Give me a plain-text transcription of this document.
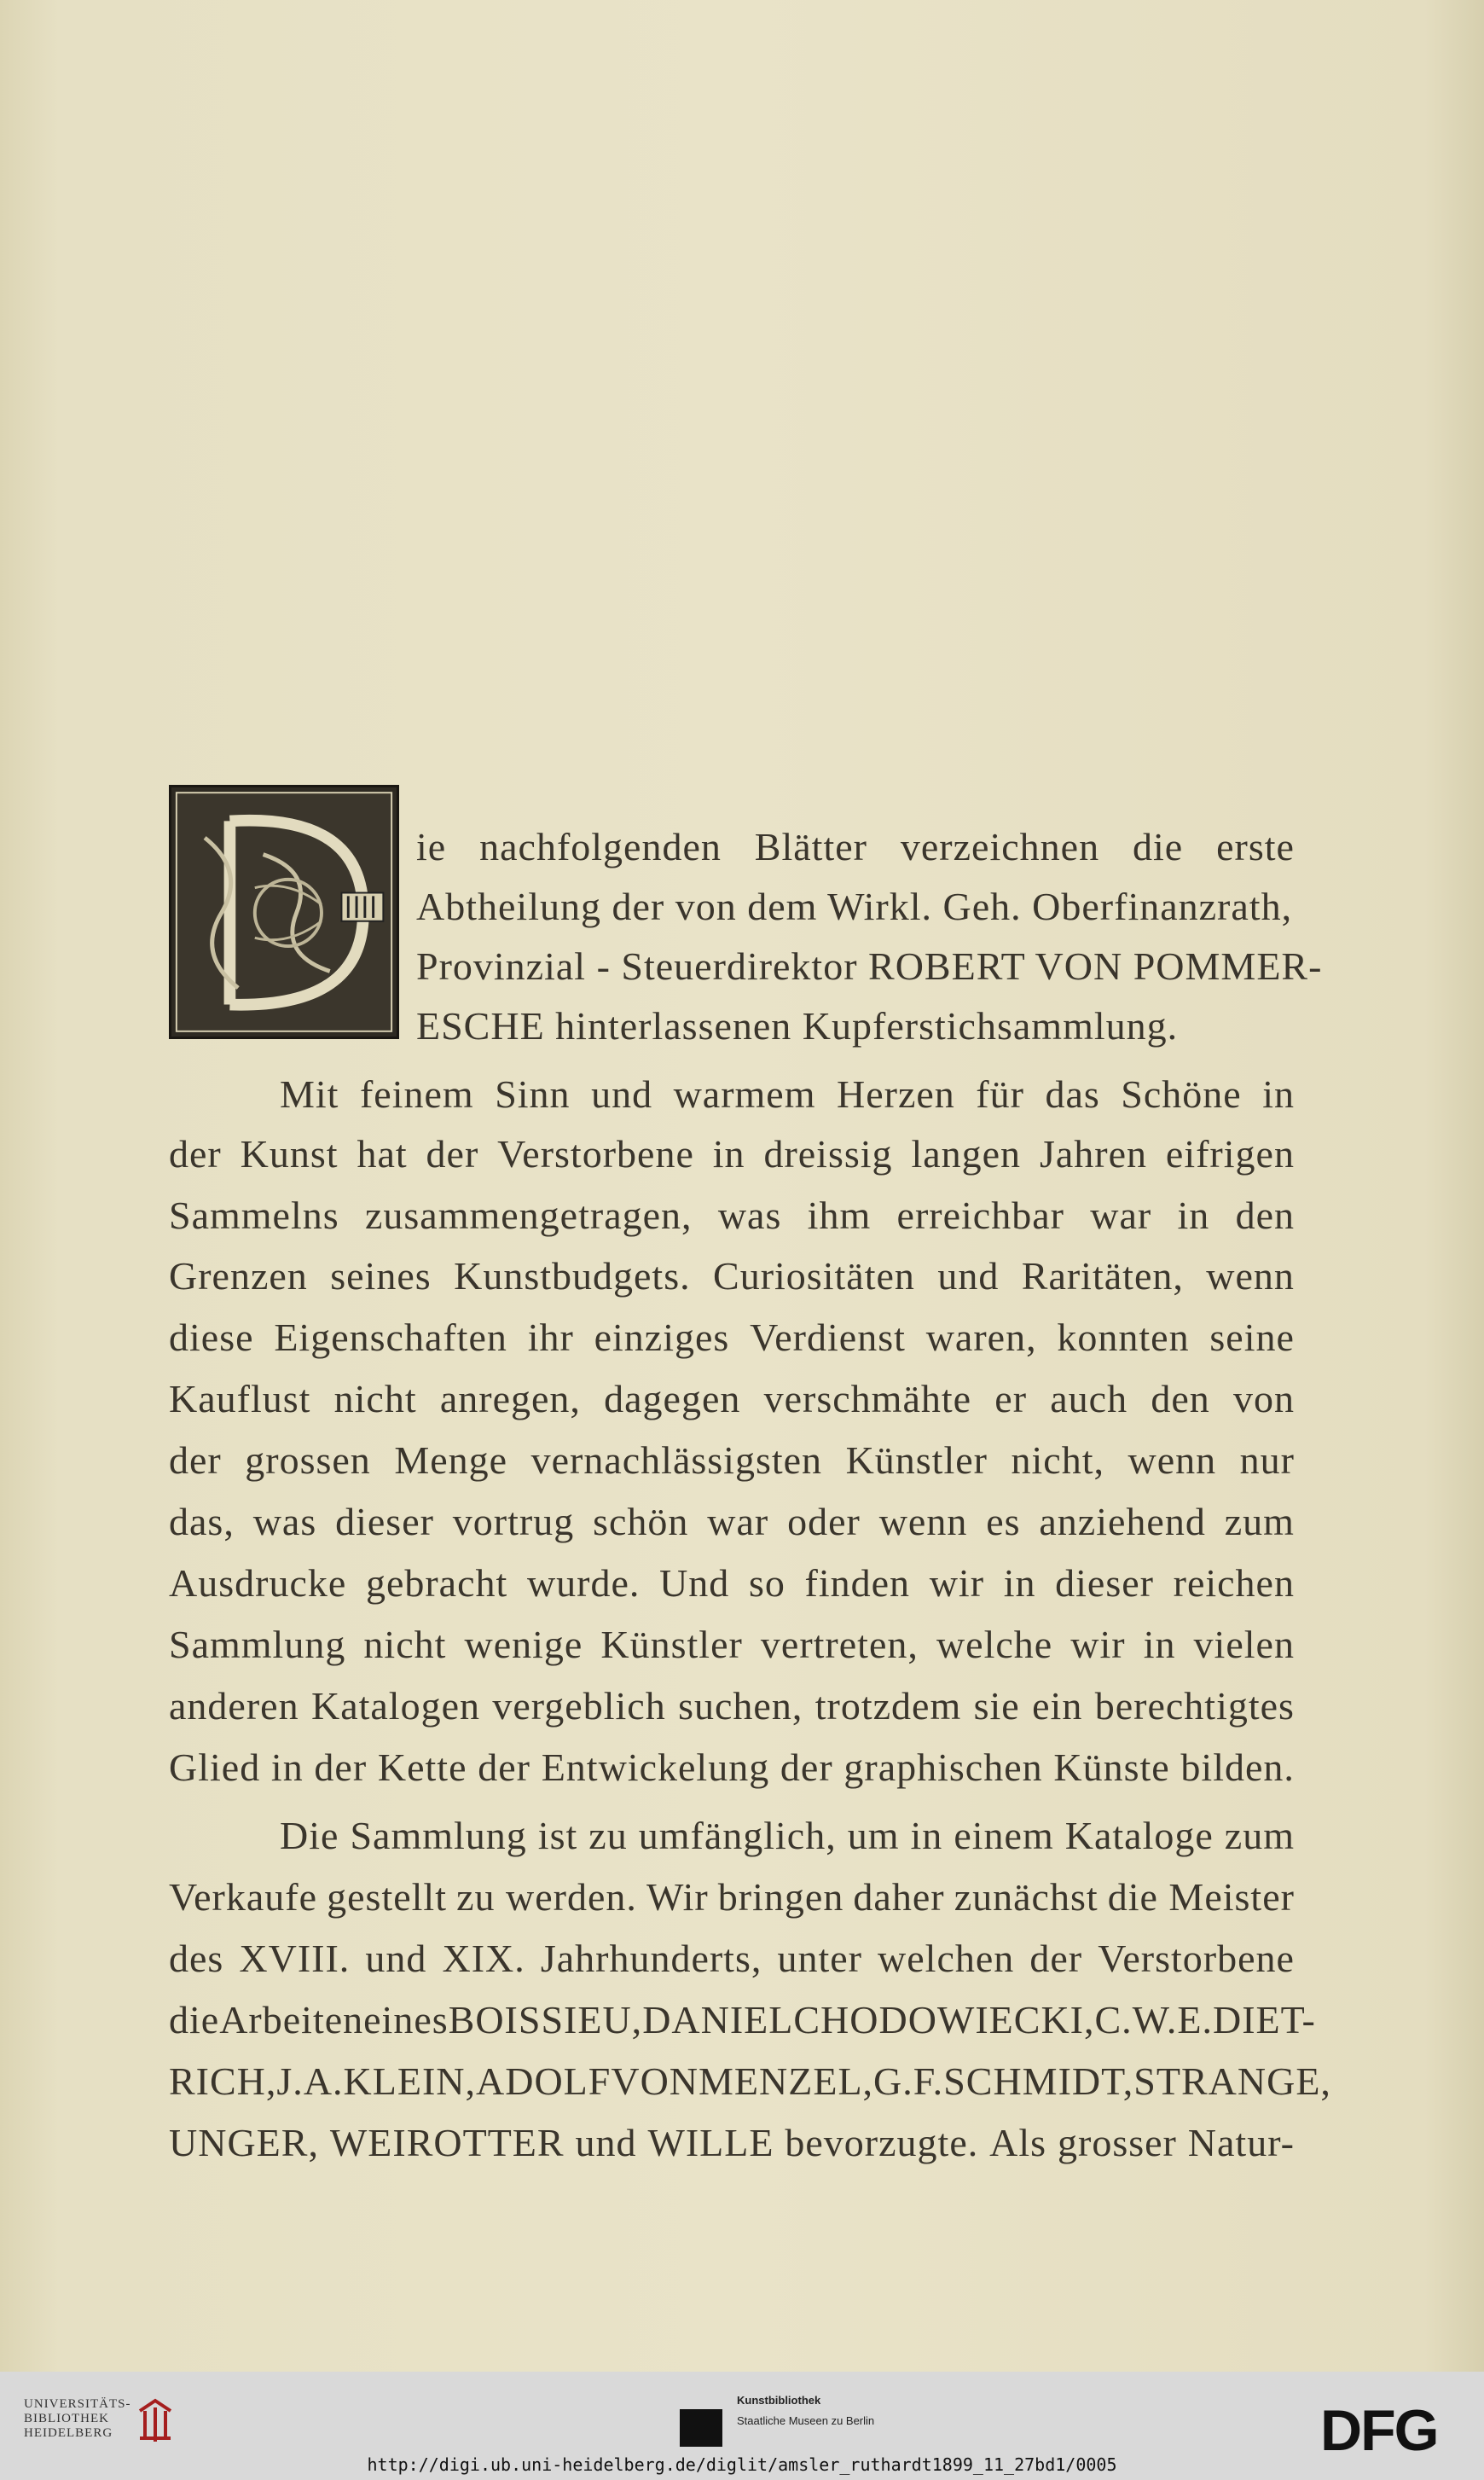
ie nachfolgenden Blätter verzeichnen die erste
Abtheilung der von dem Wirkl. Geh. Oberfinanzrath,
Provinzial - Steuerdirektor ROBERT VON POMMER-
ESCHE hinterlassenen Kupferstichsammlung.
Mit feinem Sinn und warmem Herzen für das Schöne in
der Kunst hat der Verstorbene in dreissig langen Jahren eifrigen
Sammelns zusammengetragen, was ihm erreichbar war in den
Grenzen seines Kunstbudgets. Curiositäten und Raritäten, wenn
diese Eigenschaften ihr einziges Verdienst waren, konnten seine
Kauflust nicht anregen, dagegen verschmähte er auch den von
der grossen Menge vernachlässigsten Künstler nicht, wenn nur
das, was dieser vortrug schön war oder wenn es anziehend zum
Ausdrucke gebracht wurde. Und so finden wir in dieser reichen
Sammlung nicht wenige Künstler vertreten, welche wir in vielen
anderen Katalogen vergeblich suchen, trotzdem sie ein berechtigtes
Glied in der Kette der Entwickelung der graphischen Künste bilden.
Die Sammlung ist zu umfänglich, um in einem Kataloge zum
Verkaufe gestellt zu werden. Wir bringen daher zunächst die Meister
des XVIII. und XIX. Jahrhunderts, unter welchen der Verstorbene
die Arbeiten eines BOISSIEU, DANIEL CHODOWIECKI, C.W. E. DIET-
RICH, J. A. KLEIN, ADOLF VON MENZEL, G. F. SCHMIDT, STRANGE,
UNGER, WEIROTTER und WILLE bevorzugte. Als grosser Natur-
UNIVERSITÄTS-
BIBLIOTHEK
HEIDELBERG
Kunstbibliothek
Staatliche Museen zu Berlin	DFG
http://digi.ub.uni-heidelberg.de/diglit/amsler_ruthardt1899_11_27bd1/0005
